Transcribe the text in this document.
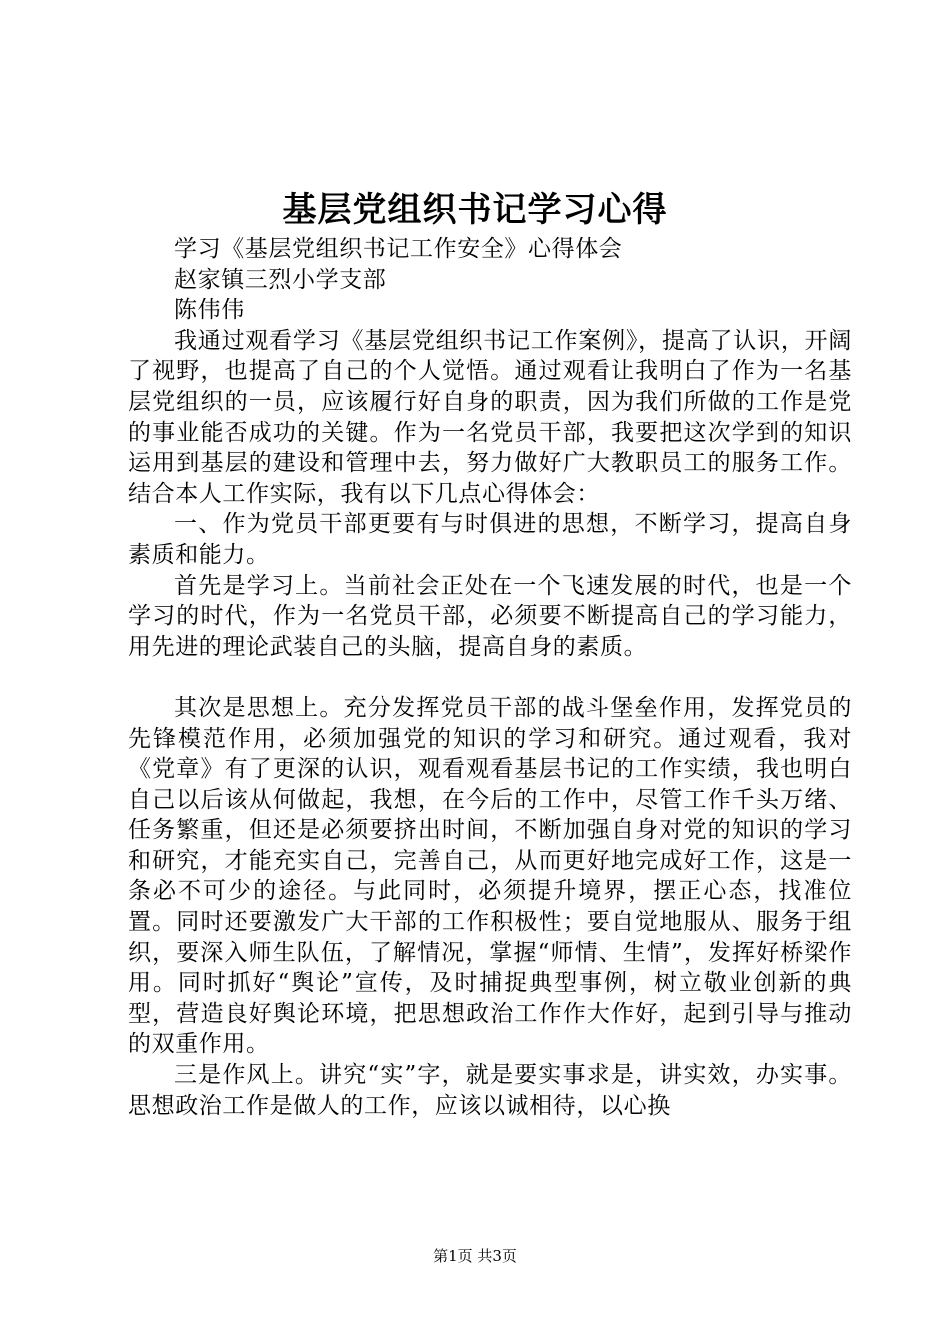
基层党组织书记学习心得

学习《基层党组织书记工作安全》心得体会

赵家镇三烈小学支部

陈伟伟

我通过观看学习《基层党组织书记工作案例》，提高了认识，开阔了视野，也提高了自己的个人觉悟。通过观看让我明白了作为一名基层党组织的一员，应该履行好自身的职责，因为我们所做的工作是党的事业能否成功的关键。作为一名党员干部，我要把这次学到的知识运用到基层的建设和管理中去，努力做好广大教职员工的服务工作。结合本人工作实际，我有以下几点心得体会：

一、作为党员干部更要有与时俱进的思想，不断学习，提高自身素质和能力。

首先是学习上。当前社会正处在一个飞速发展的时代，也是一个学习的时代，作为一名党员干部，必须要不断提高自己的学习能力，用先进的理论武装自己的头脑，提高自身的素质。

其次是思想上。充分发挥党员干部的战斗堡垒作用，发挥党员的先锋模范作用，必须加强党的知识的学习和研究。通过观看，我对《党章》有了更深的认识，观看观看基层书记的工作实绩，我也明白自己以后该从何做起，我想，在今后的工作中，尽管工作千头万绪、任务繁重，但还是必须要挤出时间，不断加强自身对党的知识的学习和研究，才能充实自己，完善自己，从而更好地完成好工作，这是一条必不可少的途径。与此同时，必须提升境界，摆正心态，找准位置。同时还要激发广大干部的工作积极性；要自觉地服从、服务于组织，要深入师生队伍，了解情况，掌握“师情、生情”，发挥好桥梁作用。同时抓好“舆论”宣传，及时捕捉典型事例，树立敬业创新的典型，营造良好舆论环境，把思想政治工作作大作好，起到引导与推动的双重作用。

三是作风上。讲究“实”字，就是要实事求是，讲实效，办实事。思想政治工作是做人的工作，应该以诚相待，以心换

第1页 共3页
